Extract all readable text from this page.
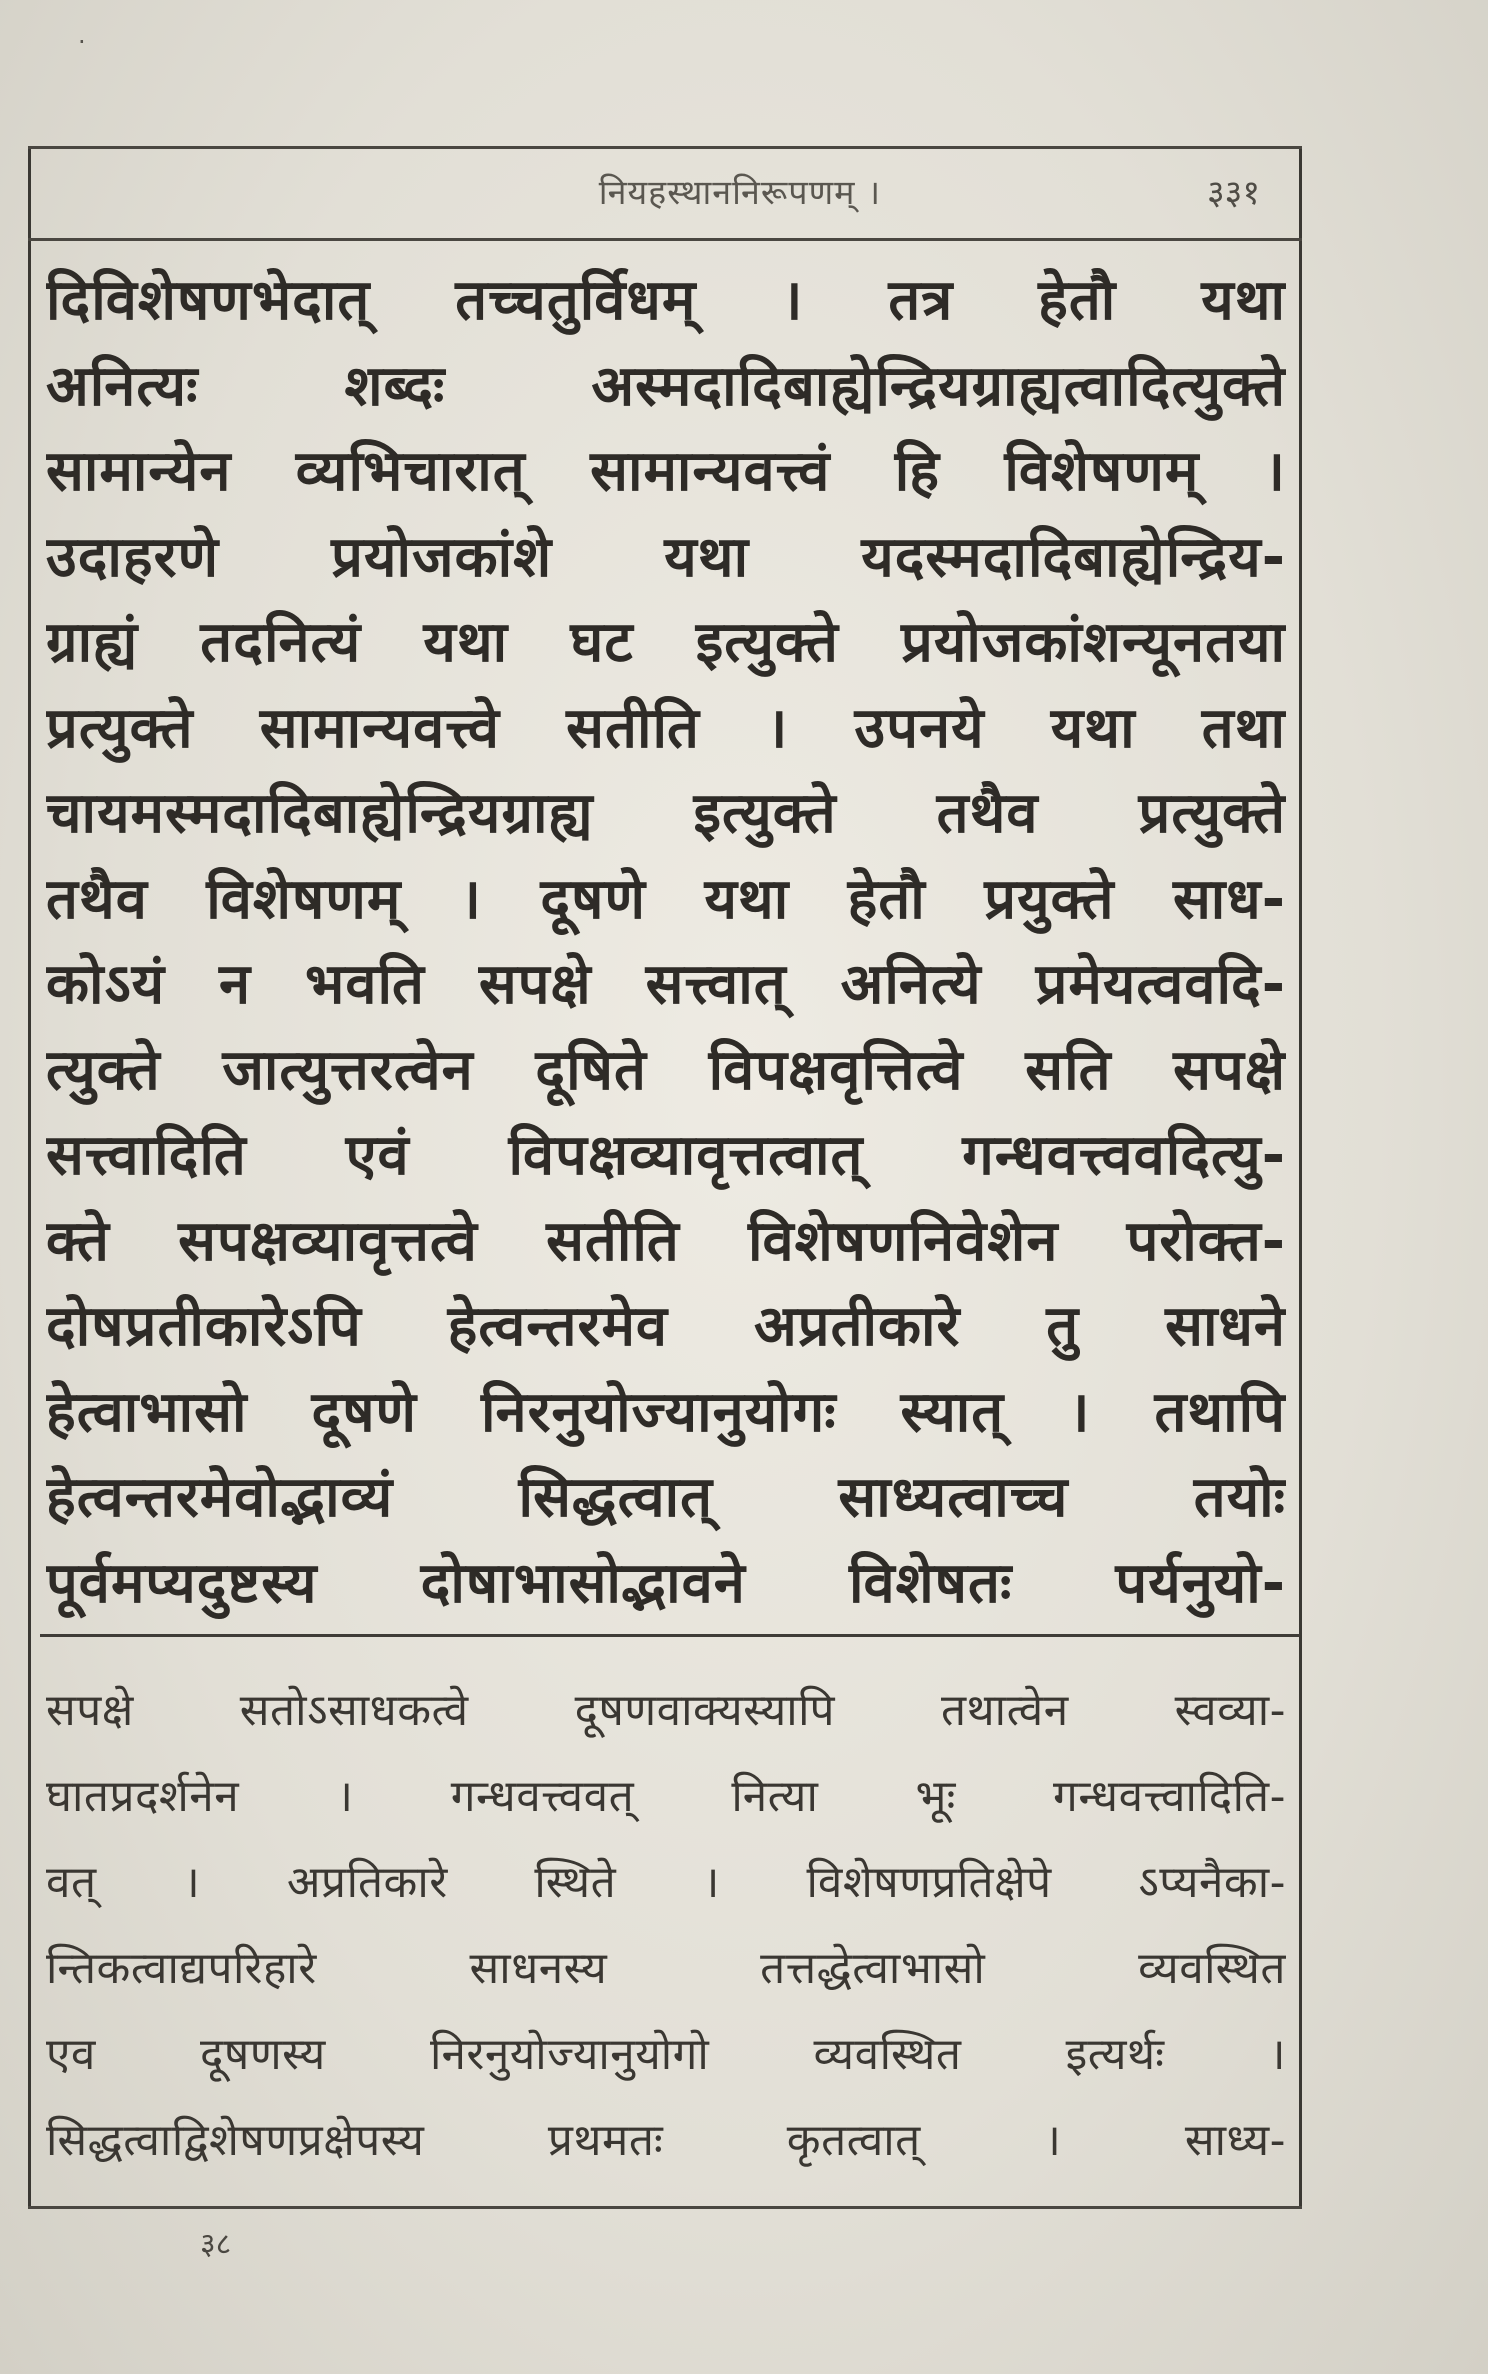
·
नियहस्थाननिरूपणम् ।	३३१
दिविशेषणभेदात् तच्चतुर्विधम् । तत्र हेतौ यथा
अनित्यः शब्दः अस्मदादिबाह्येन्द्रियग्राह्यत्वादित्युक्ते
सामान्येन व्यभिचारात् सामान्यवत्त्वं हि विशेषणम् ।
उदाहरणे प्रयोजकांशे यथा यदस्मदादिबाह्येन्द्रिय-
ग्राह्यं तदनित्यं यथा घट इत्युक्ते प्रयोजकांशन्यूनतया
प्रत्युक्ते सामान्यवत्त्वे सतीति । उपनये यथा तथा
चायमस्मदादिबाह्येन्द्रियग्राह्य इत्युक्ते तथैव प्रत्युक्ते
तथैव विशेषणम् । दूषणे यथा हेतौ प्रयुक्ते साध-
कोऽयं न भवति सपक्षे सत्त्वात् अनित्ये प्रमेयत्ववदि-
त्युक्ते जात्युत्तरत्वेन दूषिते विपक्षवृत्तित्वे सति सपक्षे
सत्त्वादिति एवं विपक्षव्यावृत्तत्वात् गन्धवत्त्ववदित्यु-
क्ते सपक्षव्यावृत्तत्वे सतीति विशेषणनिवेशेन परोक्त-
दोषप्रतीकारेऽपि हेत्वन्तरमेव अप्रतीकारे तु साधने
हेत्वाभासो दूषणे निरनुयोज्यानुयोगः स्यात् । तथापि
हेत्वन्तरमेवोद्भाव्यं सिद्धत्वात् साध्यत्वाच्च तयोः
पूर्वमप्यदुष्टस्य दोषाभासोद्भावने विशेषतः पर्यनुयो-
सपक्षे सतोऽसाधकत्वे दूषणवाक्यस्यापि तथात्वेन स्वव्या-
घातप्रदर्शनेन । गन्धवत्त्ववत् नित्या भूः गन्धवत्त्वादिति-
वत् । अप्रतिकारे स्थिते । विशेषणप्रतिक्षेपे ऽप्यनैका-
न्तिकत्वाद्यपरिहारे साधनस्य तत्तद्धेत्वाभासो व्यवस्थित
एव दूषणस्य निरनुयोज्यानुयोगो व्यवस्थित इत्यर्थः ।
सिद्धत्वाद्विशेषणप्रक्षेपस्य प्रथमतः कृतत्वात् । साध्य-
३८
